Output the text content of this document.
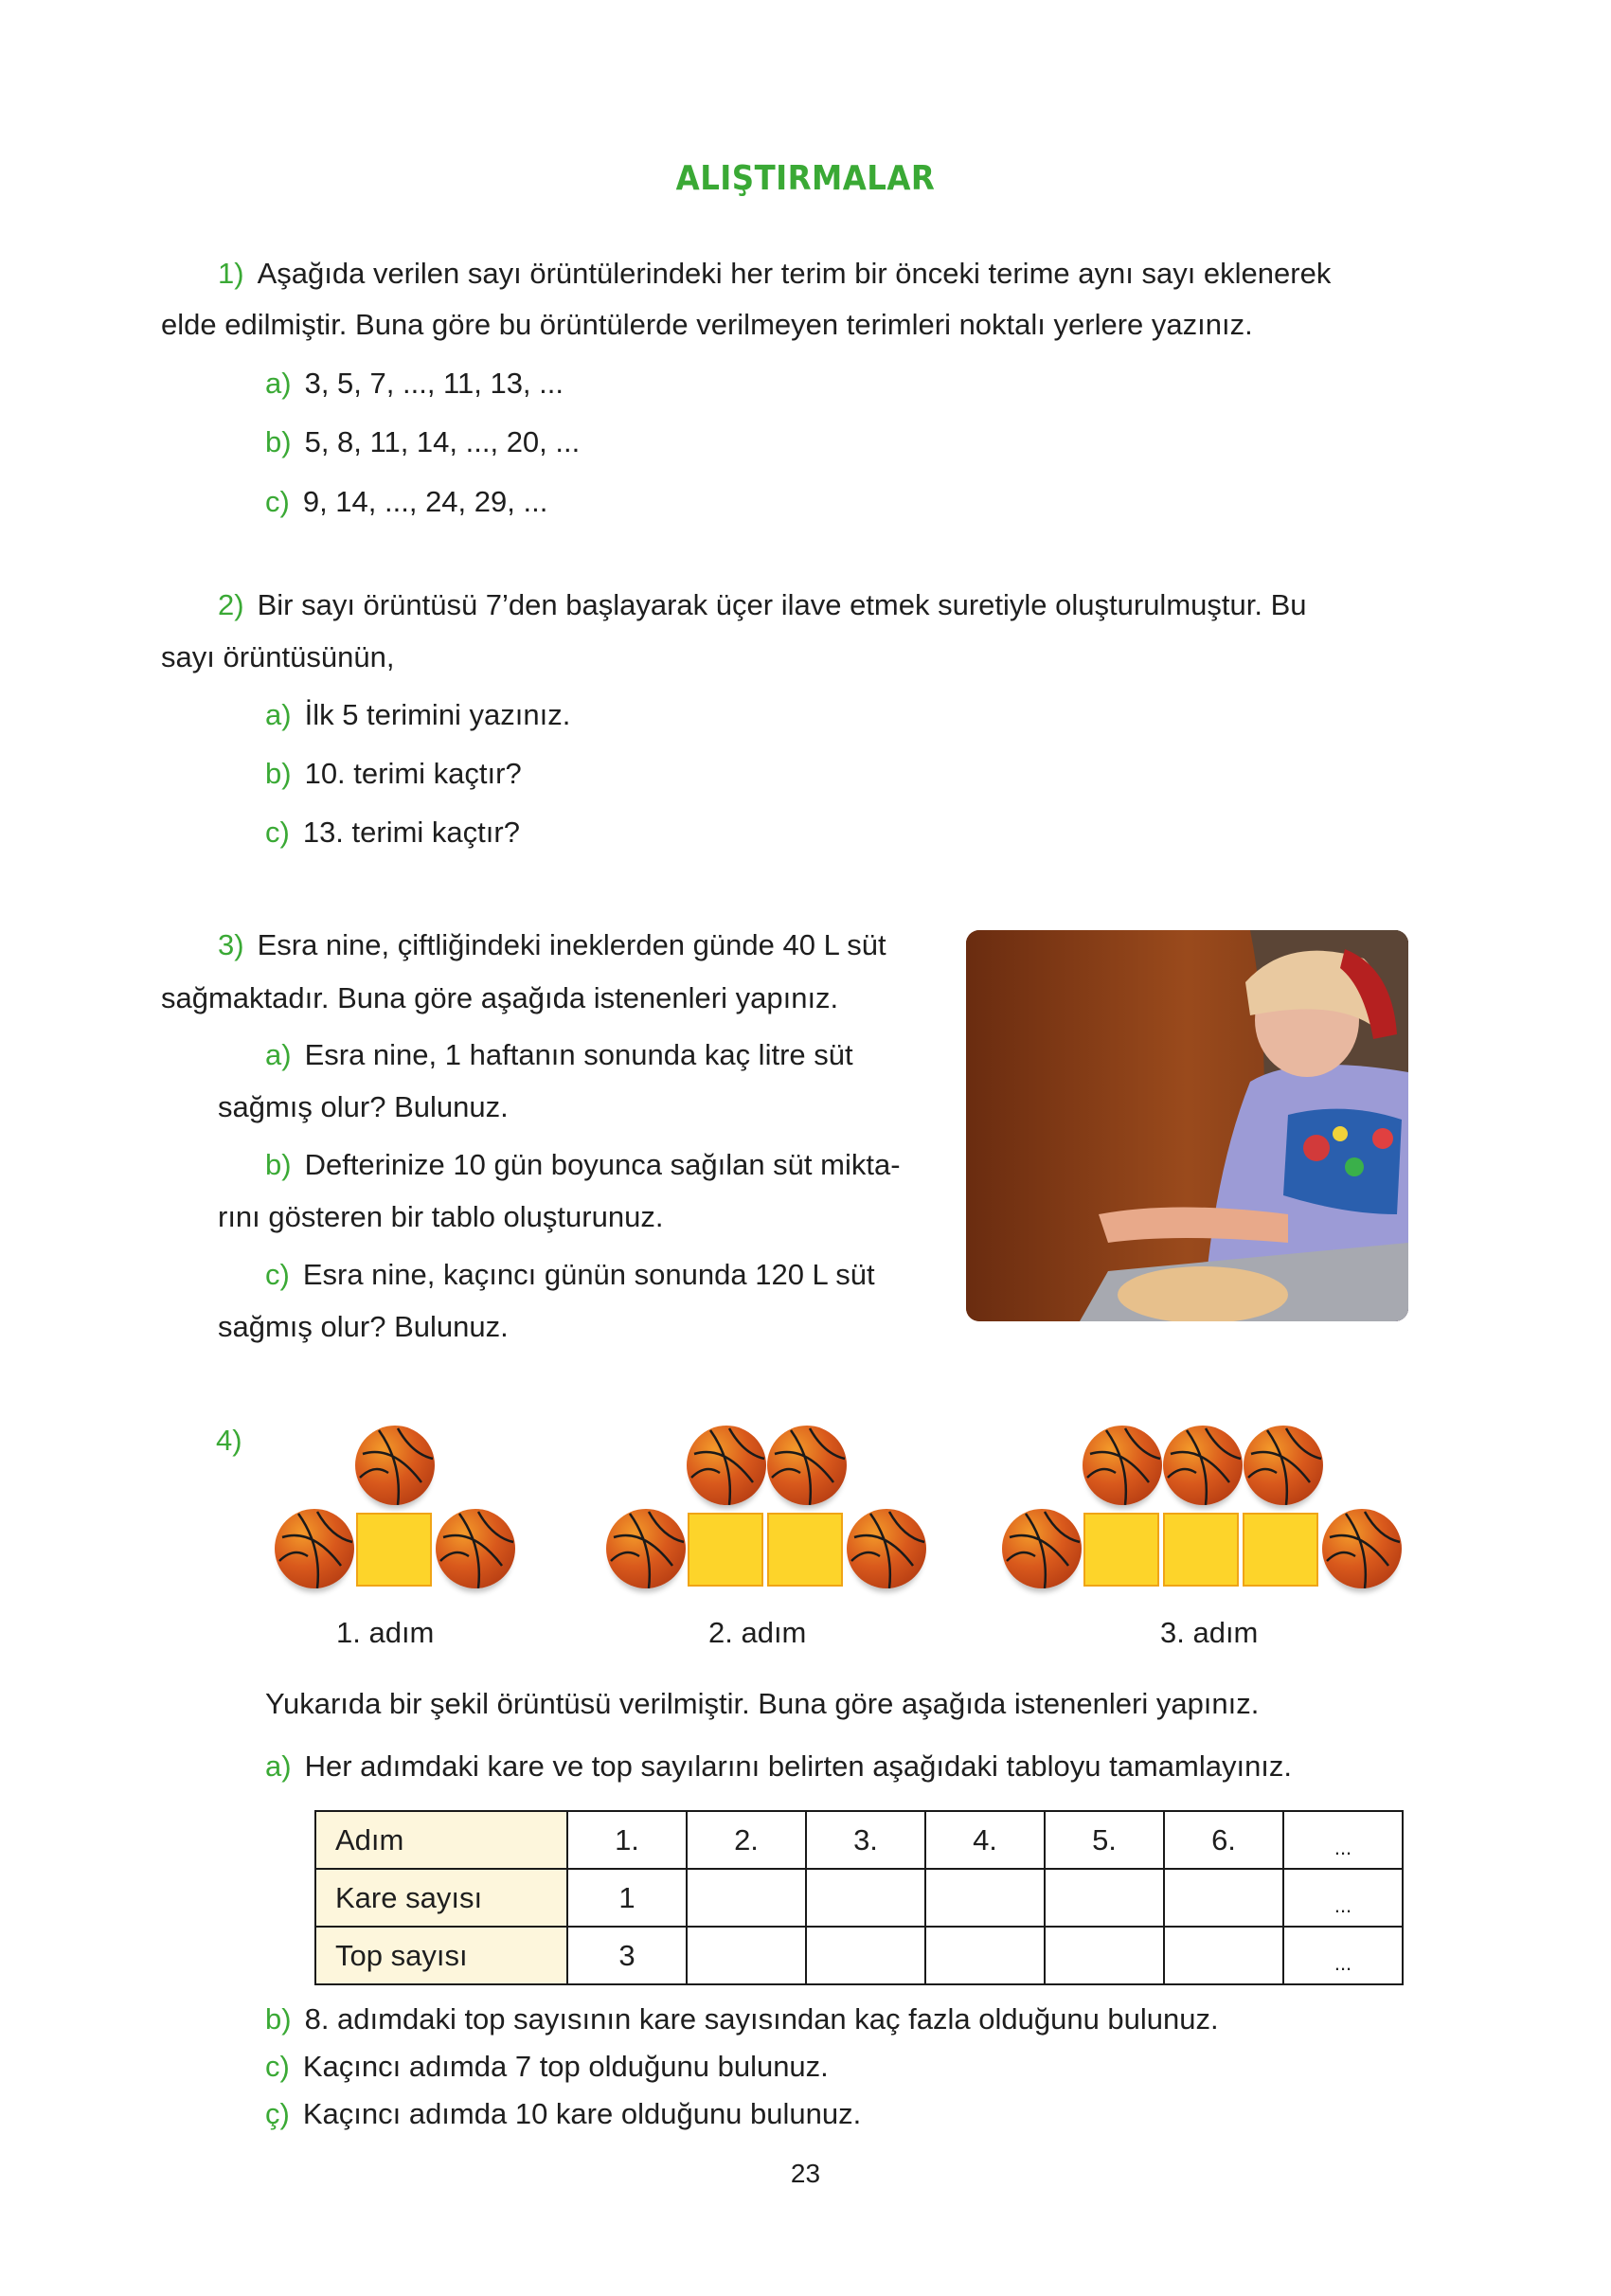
ALIŞTIRMALAR
1) Aşağıda verilen sayı örüntülerindeki her terim bir önceki terime aynı sayı eklenerek
elde edilmiştir. Buna göre bu örüntülerde verilmeyen terimleri noktalı yerlere yazınız.
a) 3, 5, 7, ..., 11, 13, ...
b) 5, 8, 11, 14, ..., 20, ...
c) 9, 14, ..., 24, 29, ...
2) Bir sayı örüntüsü 7’den başlayarak üçer ilave etmek suretiyle oluşturulmuştur. Bu
sayı örüntüsünün,
a) İlk 5 terimini yazınız.
b) 10. terimi kaçtır?
c) 13. terimi kaçtır?
3) Esra nine, çiftliğindeki ineklerden günde 40 L süt
sağmaktadır. Buna göre aşağıda istenenleri yapınız.
a) Esra nine, 1 haftanın sonunda kaç litre süt
sağmış olur? Bulunuz.
b) Defterinize 10 gün boyunca sağılan süt mikta-
rını gösteren bir tablo oluşturunuz.
c) Esra nine, kaçıncı günün sonunda 120 L süt
sağmış olur? Bulunuz.
4)
1. adım	2. adım	3. adım
Yukarıda bir şekil örüntüsü verilmiştir. Buna göre aşağıda istenenleri yapınız.
a) Her adımdaki kare ve top sayılarını belirten aşağıdaki tabloyu tamamlayınız.
Adım	1.	2.	3.	4.	5.	6.	...
Kare sayısı	1						...
Top sayısı	3						...
b) 8. adımdaki top sayısının kare sayısından kaç fazla olduğunu bulunuz.
c) Kaçıncı adımda 7 top olduğunu bulunuz.
ç) Kaçıncı adımda 10 kare olduğunu bulunuz.
23
